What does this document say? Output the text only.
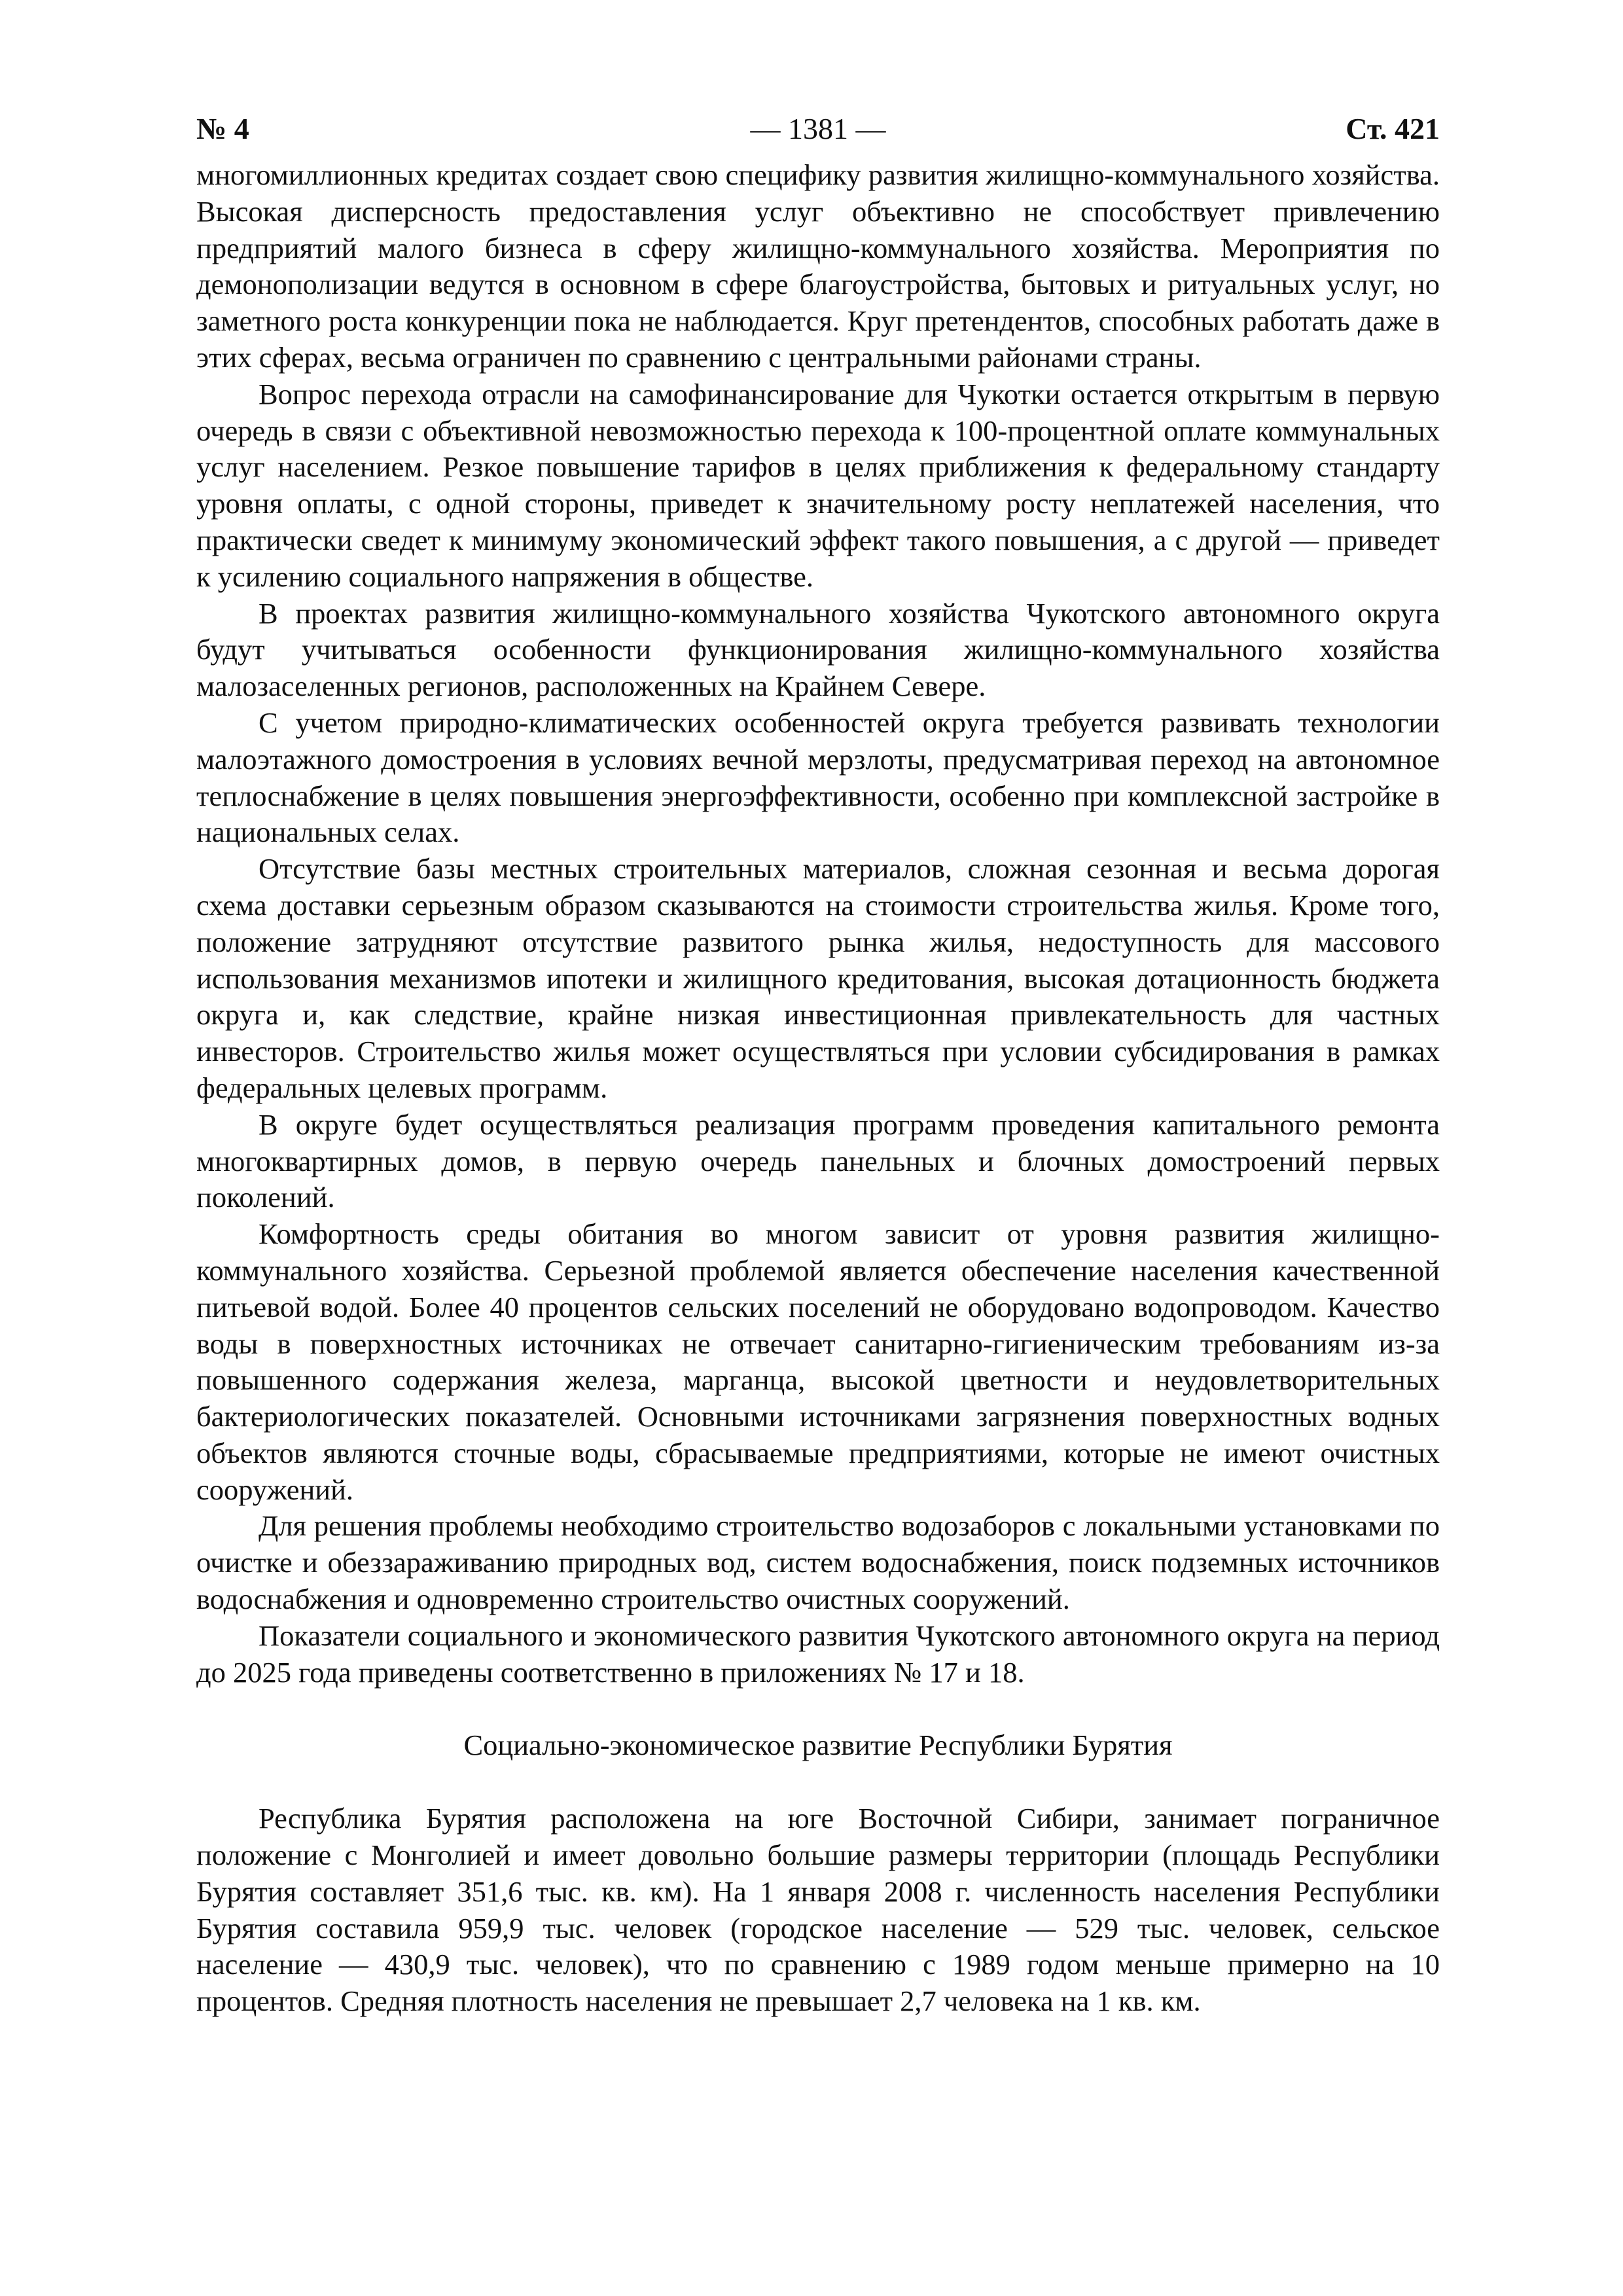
№ 4	— 1381 —	Ст. 421

многомиллионных кредитах создает свою специфику развития жилищно-коммунального хозяйства. Высокая дисперсность предоставления услуг объективно не способствует привлечению предприятий малого бизнеса в сферу жилищно-коммунального хозяйства. Мероприятия по демонополизации ведутся в основном в сфере благоустройства, бытовых и ритуальных услуг, но заметного роста конкуренции пока не наблюдается. Круг претендентов, способных работать даже в этих сферах, весьма ограничен по сравнению с центральными районами страны.

Вопрос перехода отрасли на самофинансирование для Чукотки остается открытым в первую очередь в связи с объективной невозможностью перехода к 100-процентной оплате коммунальных услуг населением. Резкое повышение тарифов в целях приближения к федеральному стандарту уровня оплаты, с одной стороны, приведет к значительному росту неплатежей населения, что практически сведет к минимуму экономический эффект такого повышения, а с другой — приведет к усилению социального напряжения в обществе.

В проектах развития жилищно-коммунального хозяйства Чукотского автономного округа будут учитываться особенности функционирования жилищно-коммунального хозяйства малозаселенных регионов, расположенных на Крайнем Севере.

С учетом природно-климатических особенностей округа требуется развивать технологии малоэтажного домостроения в условиях вечной мерзлоты, предусматривая переход на автономное теплоснабжение в целях повышения энергоэффективности, особенно при комплексной застройке в национальных селах.

Отсутствие базы местных строительных материалов, сложная сезонная и весьма дорогая схема доставки серьезным образом сказываются на стоимости строительства жилья. Кроме того, положение затрудняют отсутствие развитого рынка жилья, недоступность для массового использования механизмов ипотеки и жилищного кредитования, высокая дотационность бюджета округа и, как следствие, крайне низкая инвестиционная привлекательность для частных инвесторов. Строительство жилья может осуществляться при условии субсидирования в рамках федеральных целевых программ.

В округе будет осуществляться реализация программ проведения капитального ремонта многоквартирных домов, в первую очередь панельных и блочных домостроений первых поколений.

Комфортность среды обитания во многом зависит от уровня развития жилищно-коммунального хозяйства. Серьезной проблемой является обеспечение населения качественной питьевой водой. Более 40 процентов сельских поселений не оборудовано водопроводом. Качество воды в поверхностных источниках не отвечает санитарно-гигиеническим требованиям из-за повышенного содержания железа, марганца, высокой цветности и неудовлетворительных бактериологических показателей. Основными источниками загрязнения поверхностных водных объектов являются сточные воды, сбрасываемые предприятиями, которые не имеют очистных сооружений.

Для решения проблемы необходимо строительство водозаборов с локальными установками по очистке и обеззараживанию природных вод, систем водоснабжения, поиск подземных источников водоснабжения и одновременно строительство очистных сооружений.

Показатели социального и экономического развития Чукотского автономного округа на период до 2025 года приведены соответственно в приложениях № 17 и 18.

Социально-экономическое развитие Республики Бурятия

Республика Бурятия расположена на юге Восточной Сибири, занимает пограничное положение с Монголией и имеет довольно большие размеры территории (площадь Республики Бурятия составляет 351,6 тыс. кв. км). На 1 января 2008 г. численность населения Республики Бурятия составила 959,9 тыс. человек (городское население — 529 тыс. человек, сельское население — 430,9 тыс. человек), что по сравнению с 1989 годом меньше примерно на 10 процентов. Средняя плотность населения не превышает 2,7 человека на 1 кв. км.
